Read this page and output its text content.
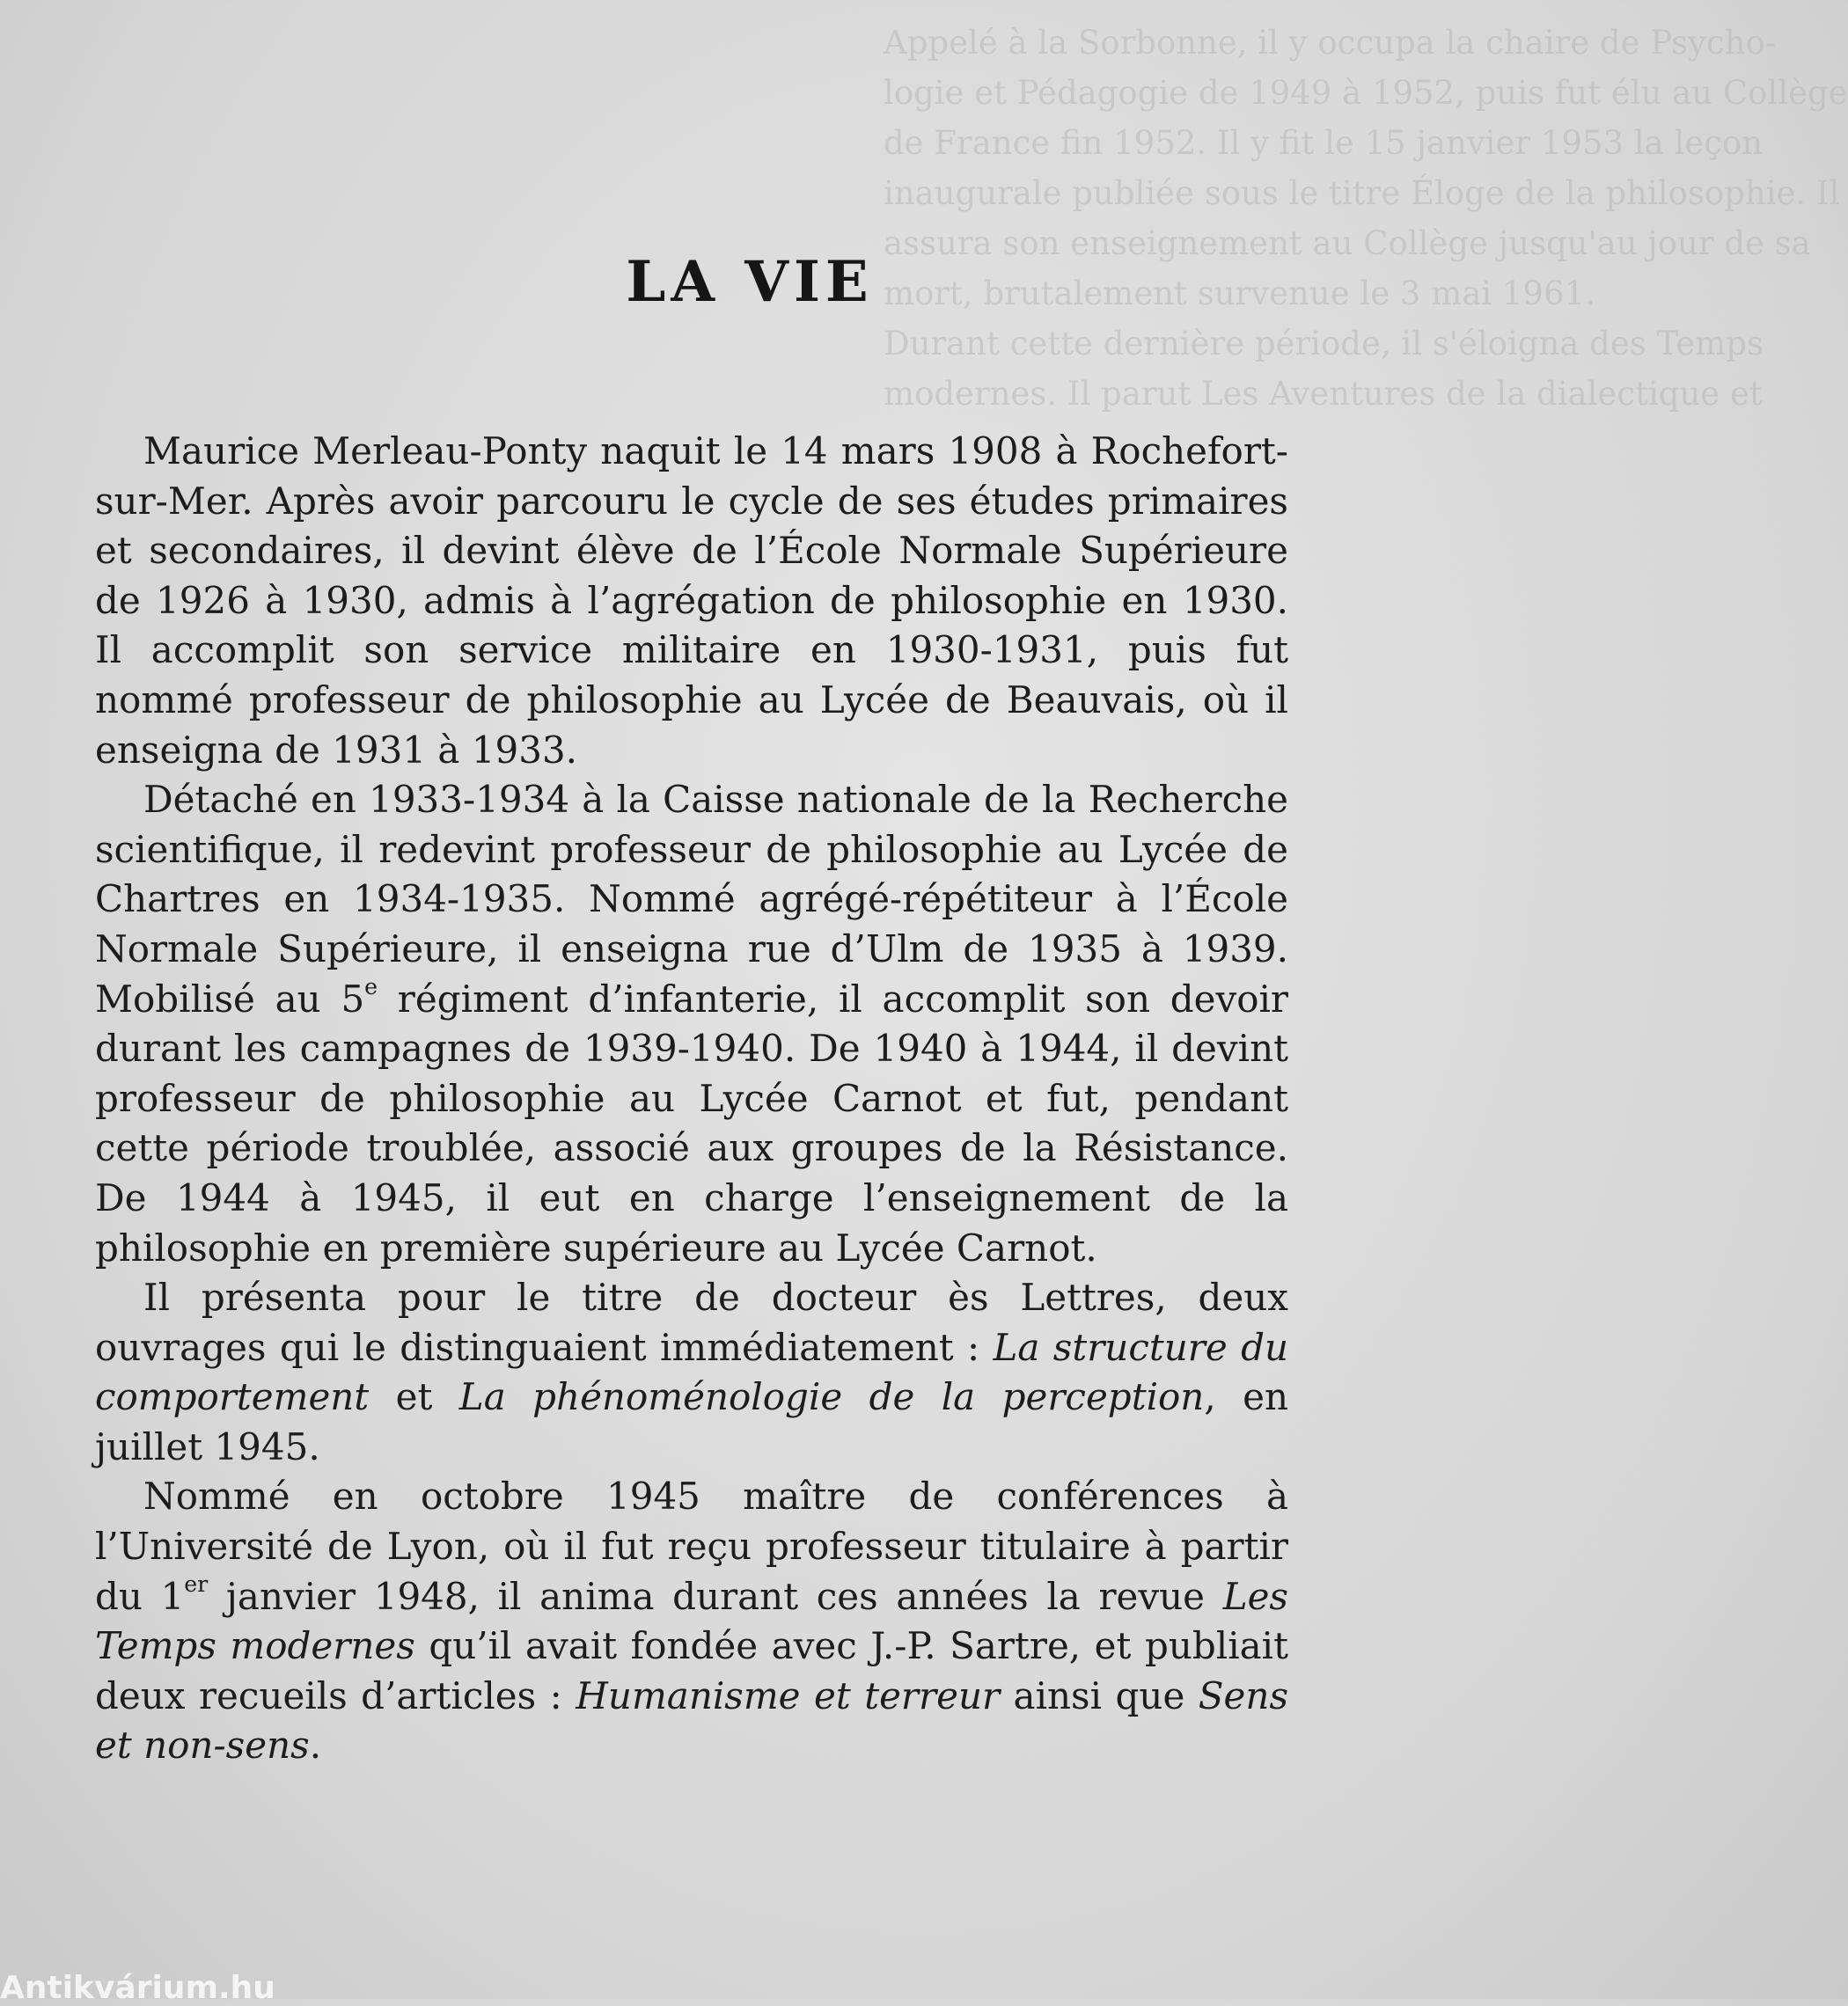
Appelé à la Sorbonne, il y occupa la chaire de Psycho-
logie et Pédagogie de 1949 à 1952, puis fut élu au Collège
de France fin 1952. Il y fit le 15 janvier 1953 la leçon
inaugurale publiée sous le titre Éloge de la philosophie. Il
assura son enseignement au Collège jusqu'au jour de sa
mort, brutalement survenue le 3 mai 1961.
Durant cette dernière période, il s'éloigna des Temps
modernes. Il parut Les Aventures de la dialectique et
LA VIE

Maurice Merleau-Ponty naquit le 14 mars 1908 à Rochefort-sur-Mer. Après avoir parcouru le cycle de ses études primaires et secondaires, il devint élève de l’École Normale Supérieure de 1926 à 1930, admis à l’agrégation de philosophie en 1930. Il accomplit son service militaire en 1930-1931, puis fut nommé professeur de philosophie au Lycée de Beauvais, où il enseigna de 1931 à 1933.

Détaché en 1933-1934 à la Caisse nationale de la Recherche scientifique, il redevint professeur de philosophie au Lycée de Chartres en 1934-1935. Nommé agrégé-répétiteur à l’École Normale Supérieure, il enseigna rue d’Ulm de 1935 à 1939. Mobilisé au 5e régiment d’infanterie, il accomplit son devoir durant les campagnes de 1939-1940. De 1940 à 1944, il devint professeur de philosophie au Lycée Carnot et fut, pendant cette période troublée, associé aux groupes de la Résistance. De 1944 à 1945, il eut en charge l’enseignement de la philosophie en première supérieure au Lycée Carnot.

Il présenta pour le titre de docteur ès Lettres, deux ouvrages qui le distinguaient immédiatement : La structure du comportement et La phénoménologie de la perception, en juillet 1945.

Nommé en octobre 1945 maître de conférences à l’Université de Lyon, où il fut reçu professeur titulaire à partir du 1er janvier 1948, il anima durant ces années la revue Les Temps modernes qu’il avait fondée avec J.-P. Sartre, et publiait deux recueils d’articles : Humanisme et terreur ainsi que Sens et non-sens.

Antikvárium.hu
